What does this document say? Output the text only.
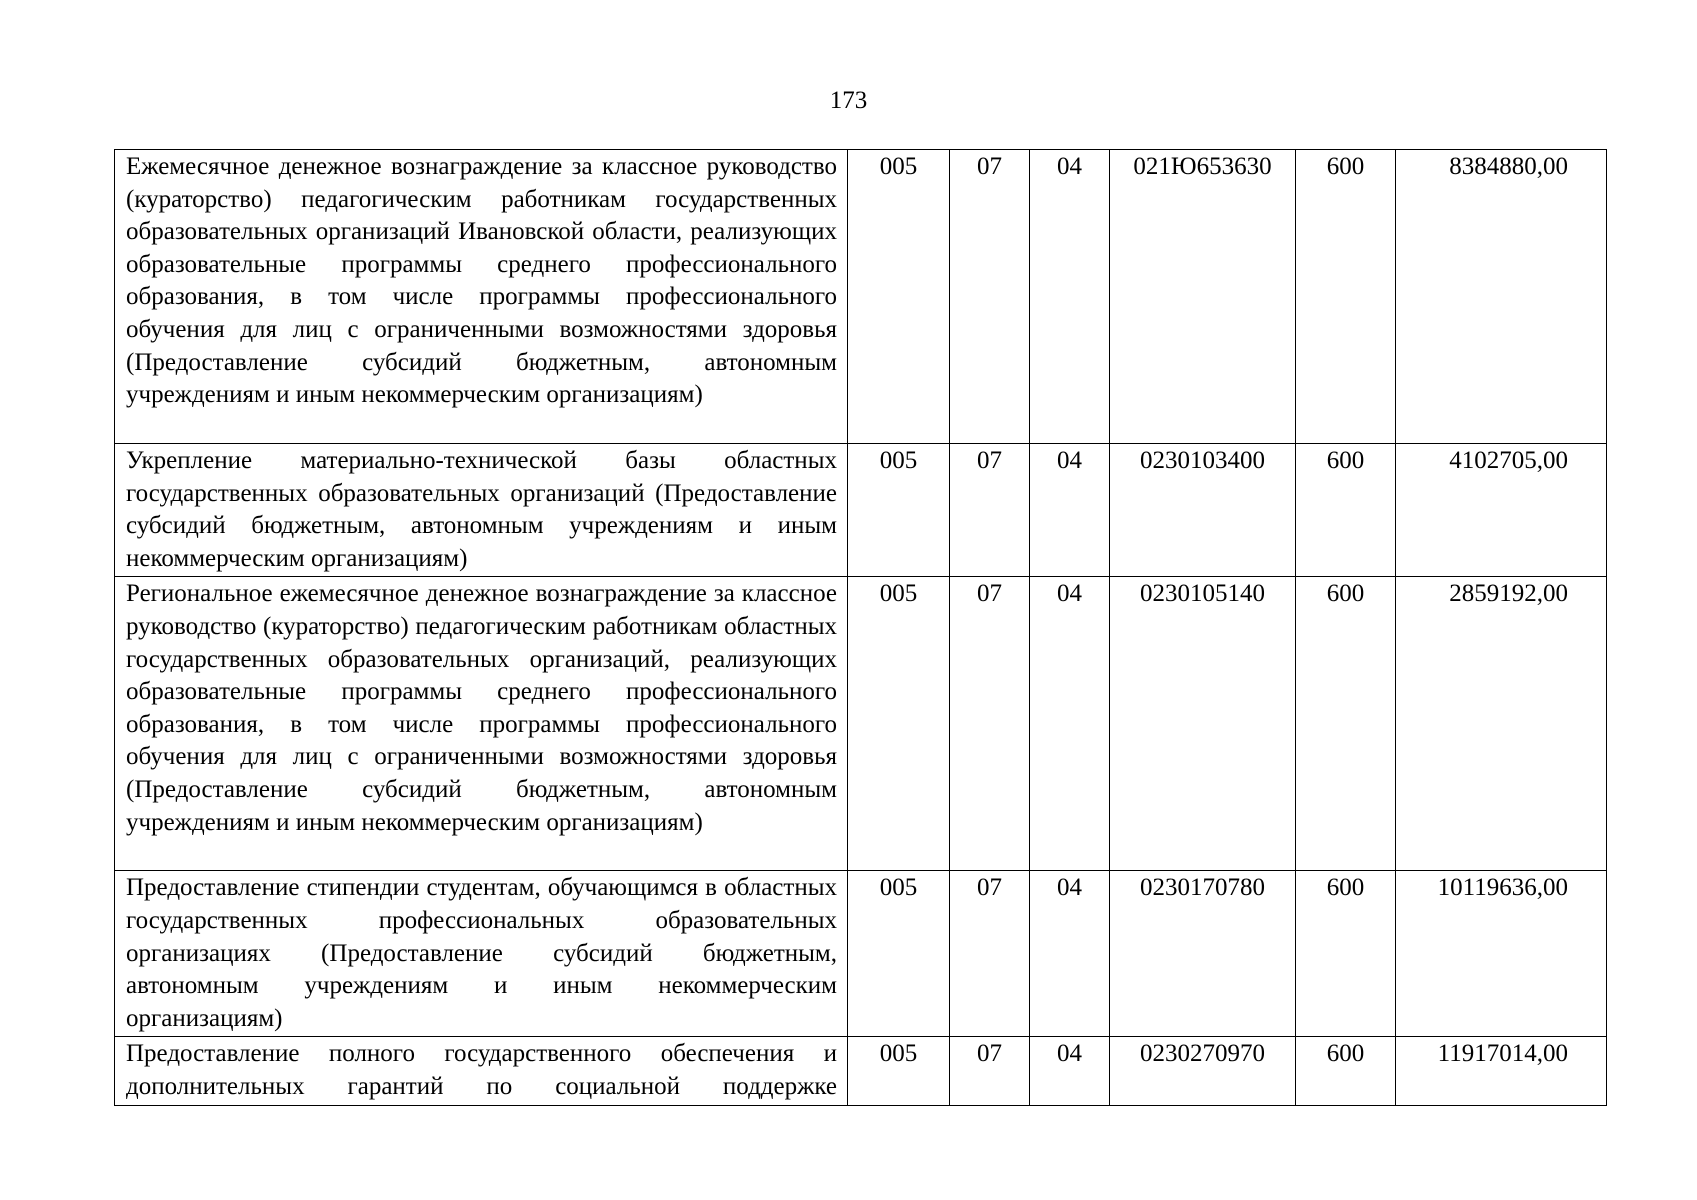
173
Ежемесячное денежное вознаграждение за классное руководство (кураторство) педагогическим работникам государственных образовательных организаций Ивановской области, реализующих образовательные программы среднего профессионального образования, в том числе программы профессионального обучения для лиц с ограниченными возможностями здоровья (Предоставление субсидий бюджетным, автономным учреждениям и иным некоммерческим организациям)	005	07	04	021Ю653630	600	8384880,00
Укрепление материально-технической базы областных государственных образовательных организаций (Предоставление субсидий бюджетным, автономным учреждениям и иным некоммерческим организациям)	005	07	04	0230103400	600	4102705,00
Региональное ежемесячное денежное вознаграждение за классное руководство (кураторство) педагогическим работникам областных государственных образовательных организаций, реализующих образовательные программы среднего профессионального образования, в том числе программы профессионального обучения для лиц с ограниченными возможностями здоровья (Предоставление субсидий бюджетным, автономным учреждениям и иным некоммерческим организациям)	005	07	04	0230105140	600	2859192,00
Предоставление стипендии студентам, обучающимся в областных государственных профессиональных образовательных организациях (Предоставление субсидий бюджетным, автономным учреждениям и иным некоммерческим организациям)	005	07	04	0230170780	600	10119636,00
Предоставление полного государственного обеспечения и дополнительных гарантий по социальной поддержке	005	07	04	0230270970	600	11917014,00
